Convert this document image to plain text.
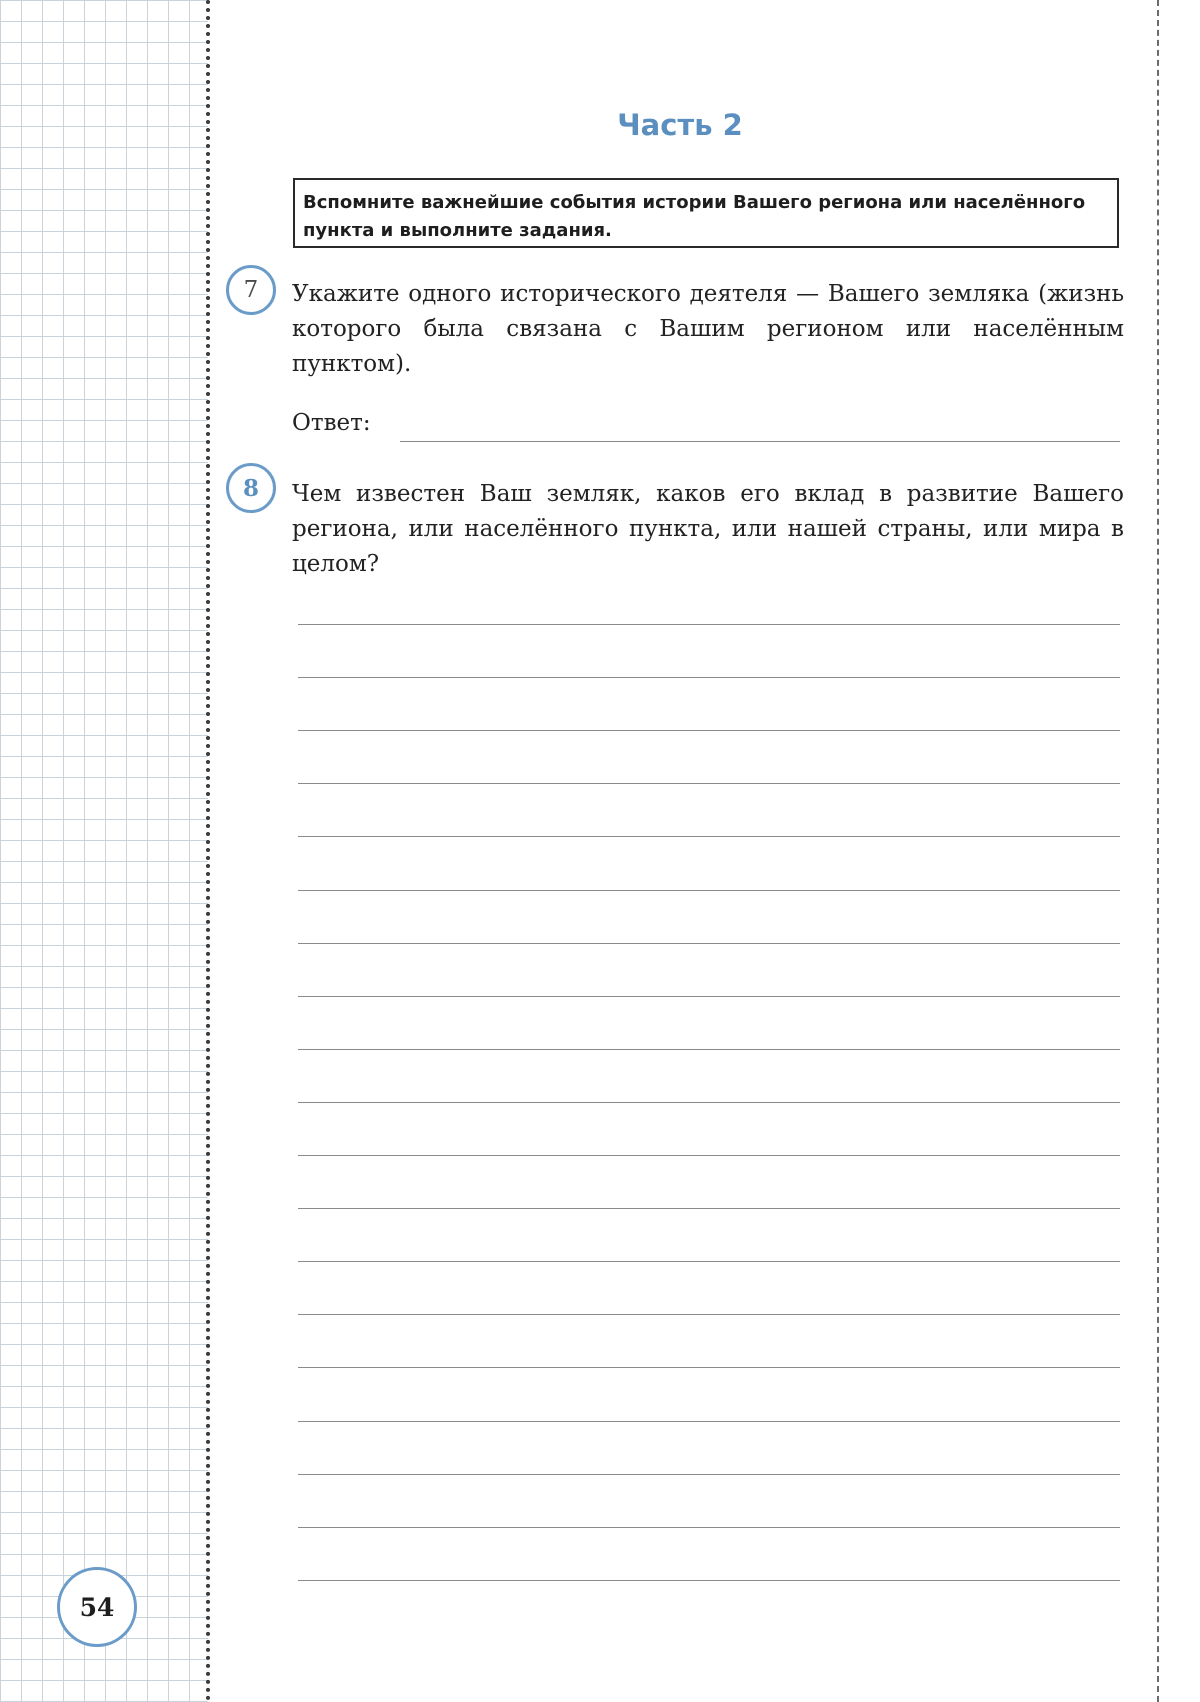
Часть 2
Вспомните важнейшие события истории Вашего региона или населённого пункта и выполните задания.
7 Укажите одного исторического деятеля — Вашего земляка (жизнь которого была связана с Вашим регионом или населённым пунктом).

Ответ:
8 Чем известен Ваш земляк, каков его вклад в развитие Вашего региона, или населённого пункта, или нашей страны, или мира в целом?

54
